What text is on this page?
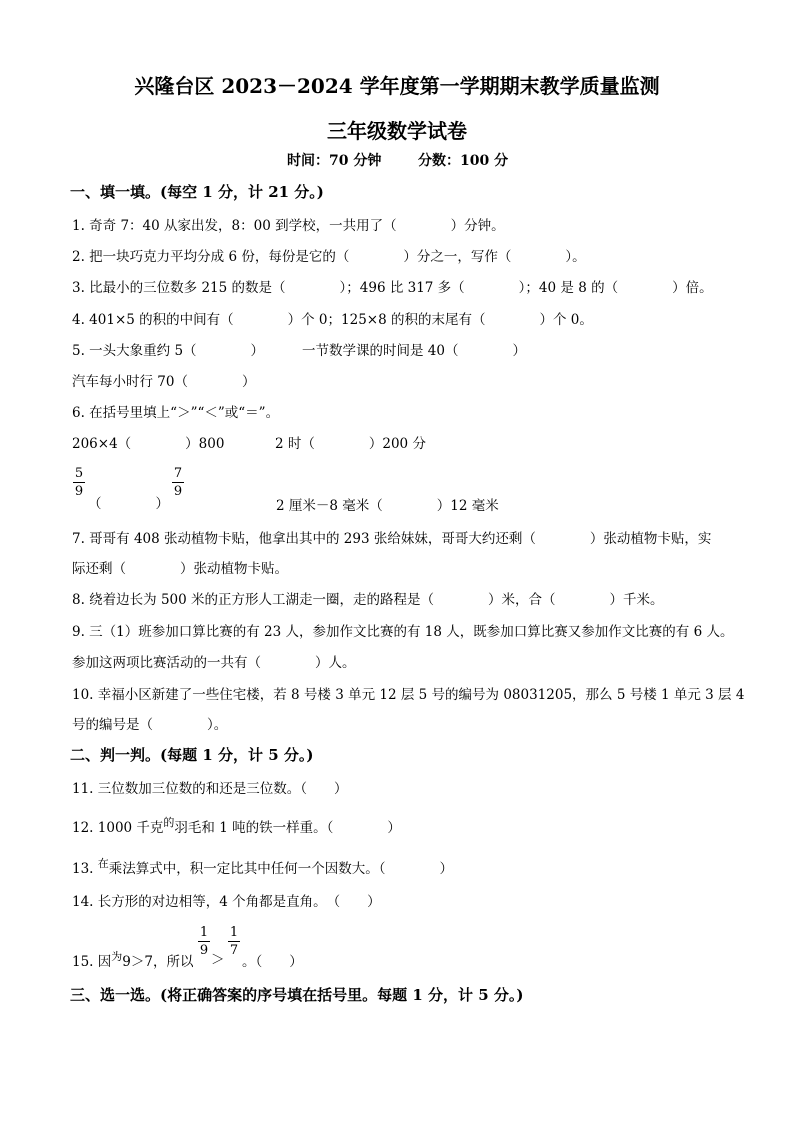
兴隆台区 2023－2024 学年度第一学期期末教学质量监测
三年级数学试卷
时间：70 分钟	分数：100 分
一、填一填。(每空 1 分，计 21 分。)
1. 奇奇 7：40 从家出发，8：00 到学校，一共用了（　　　　）分钟。
2. 把一块巧克力平均分成 6 份，每份是它的（　　　　）分之一，写作（　　　　）。
3. 比最小的三位数多 215 的数是（　　　　）；496 比 317 多（　　　　）；40 是 8 的（　　　　）倍。
4. 401×5 的积的中间有（　　　　）个 0；125×8 的积的末尾有（　　　　）个 0。
5. 一头大象重约 5（　　　　）	一节数学课的时间是 40（　　　　）
汽车每小时行 70（　　　　）
6. 在括号里填上“＞”“＜”或“＝”。
206×4（　　　　）800	2 时（　　　　）200 分
5
9
（　　　　）
7
9
2 厘米－8 毫米（　　　　）12 毫米
7. 哥哥有 408 张动植物卡贴，他拿出其中的 293 张给妹妹，哥哥大约还剩（　　　　）张动植物卡贴，实
际还剩（　　　　）张动植物卡贴。
8. 绕着边长为 500 米的正方形人工湖走一圈，走的路程是（　　　　）米，合（　　　　）千米。
9. 三（1）班参加口算比赛的有 23 人，参加作文比赛的有 18 人，既参加口算比赛又参加作文比赛的有 6 人。
参加这两项比赛活动的一共有（　　　　）人。
10. 幸福小区新建了一些住宅楼，若 8 号楼 3 单元 12 层 5 号的编号为 08031205，那么 5 号楼 1 单元 3 层 4
号的编号是（　　　　）。
二、判一判。(每题 1 分，计 5 分。)
11. 三位数加三位数的和还是三位数。（　　）
12. 1000 千克$^的$羽毛和 1 吨的铁一样重。（　　　　）
13. $^在$乘法算式中，积一定比其中任何一个因数大。（　　　　）
14. 长方形的对边相等，4 个角都是直角。　（　　）
15. 因$^为$9＞7，所以
1
9
＞
1
7
。（　　）
三、选一选。(将正确答案的序号填在括号里。每题 1 分，计 5 分。)
